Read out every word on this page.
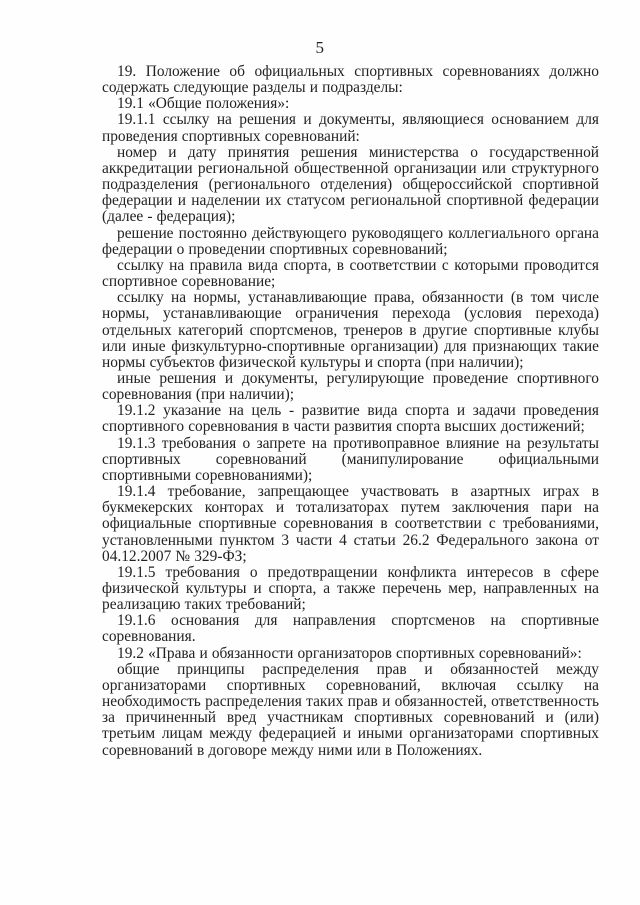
5

19. Положение об официальных спортивных соревнованиях должно содержать следующие разделы и подразделы:

19.1 «Общие положения»:

19.1.1 ссылку на решения и документы, являющиеся основанием для проведения спортивных соревнований:

номер и дату принятия решения министерства о государственной аккредитации региональной общественной организации или структурного подразделения (регионального отделения) общероссийской спортивной федерации и наделении их статусом региональной спортивной федерации (далее - федерация);

решение постоянно действующего руководящего коллегиального органа федерации о проведении спортивных соревнований;

ссылку на правила вида спорта, в соответствии с которыми проводится спортивное соревнование;

ссылку на нормы, устанавливающие права, обязанности (в том числе нормы, устанавливающие ограничения перехода (условия перехода) отдельных категорий спортсменов, тренеров в другие спортивные клубы или иные физкультурно-спортивные организации) для признающих такие нормы субъектов физической культуры и спорта (при наличии);

иные решения и документы, регулирующие проведение спортивного соревнования (при наличии);

19.1.2 указание на цель - развитие вида спорта и задачи проведения спортивного соревнования в части развития спорта высших достижений;

19.1.3 требования о запрете на противоправное влияние на результаты спортивных соревнований (манипулирование официальными спортивными соревнованиями);

19.1.4 требование, запрещающее участвовать в азартных играх в букмекерских конторах и тотализаторах путем заключения пари на официальные спортивные соревнования в соответствии с требованиями, установленными пунктом 3 части 4 статьи 26.2 Федерального закона от 04.12.2007 № 329-ФЗ;

19.1.5 требования о предотвращении конфликта интересов в сфере физической культуры и спорта, а также перечень мер, направленных на реализацию таких требований;

19.1.6 основания для направления спортсменов на спортивные соревнования.

19.2 «Права и обязанности организаторов спортивных соревнований»:

общие принципы распределения прав и обязанностей между организаторами спортивных соревнований, включая ссылку на необходимость распределения таких прав и обязанностей, ответственность за причиненный вред участникам спортивных соревнований и (или) третьим лицам между федерацией и иными организаторами спортивных соревнований в договоре между ними или в Положениях.
